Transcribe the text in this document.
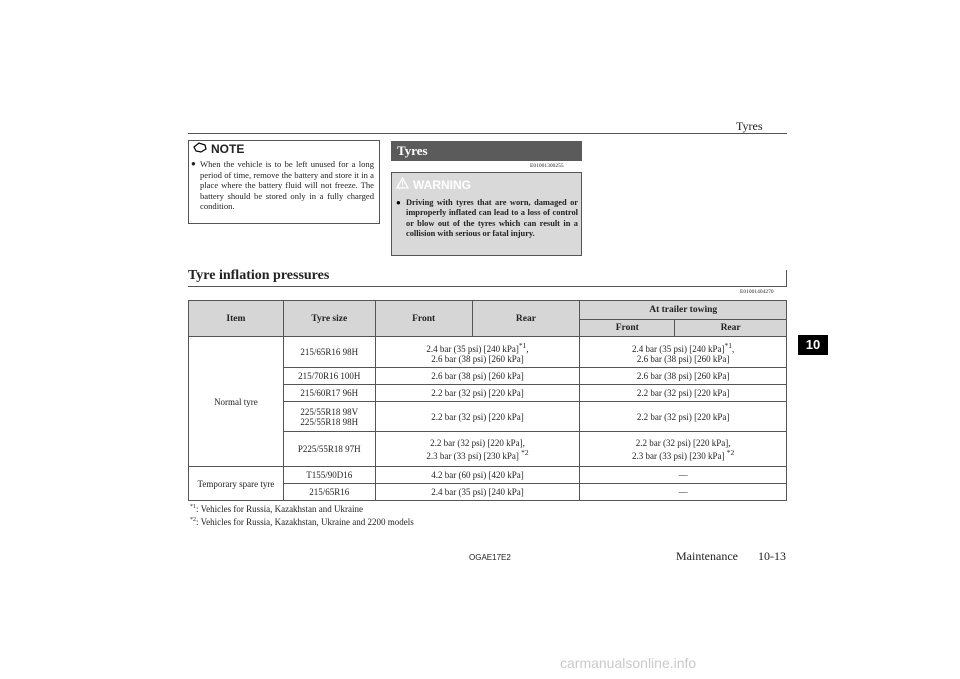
Tyres
NOTE
● When the vehicle is to be left unused for a long period of time, remove the battery and store it in a place where the battery fluid will not freeze. The battery should be stored only in a fully charged condition.
Tyres
E01001300255
WARNING
● Driving with tyres that are worn, damaged or improperly inflated can lead to a loss of control or blow out of the tyres which can result in a collision with serious or fatal injury.
Tyre inflation pressures
E01001404270
Item	Tyre size	Front	Rear	At trailer towing	
				Front	Rear
Normal tyre	215/65R16 98H	2.4 bar (35 psi) [240 kPa]$^{*1}$,
2.6 bar (38 psi) [260 kPa]		2.4 bar (35 psi) [240 kPa]$^{*1}$,
2.6 bar (38 psi) [260 kPa]	
	215/70R16 100H	2.6 bar (38 psi) [260 kPa]		2.6 bar (38 psi) [260 kPa]	
	215/60R17 96H	2.2 bar (32 psi) [220 kPa]		2.2 bar (32 psi) [220 kPa]	
	225/55R18 98V
225/55R18 98H	2.2 bar (32 psi) [220 kPa]		2.2 bar (32 psi) [220 kPa]	
	P225/55R18 97H	2.2 bar (32 psi) [220 kPa],
2.3 bar (33 psi) [230 kPa] $^{*2}$		2.2 bar (32 psi) [220 kPa],
2.3 bar (33 psi) [230 kPa] $^{*2}$
Temporary spare tyre	T155/90D16	4.2 bar (60 psi) [420 kPa]		—	
	215/65R16	2.4 bar (35 psi) [240 kPa]		—	
$^{*1}$: Vehicles for Russia, Kazakhstan and Ukraine
$^{*2}$: Vehicles for Russia, Kazakhstan, Ukraine and 2200 models
10
OGAE17E2	Maintenance 10-13
carmanualsonline.info
